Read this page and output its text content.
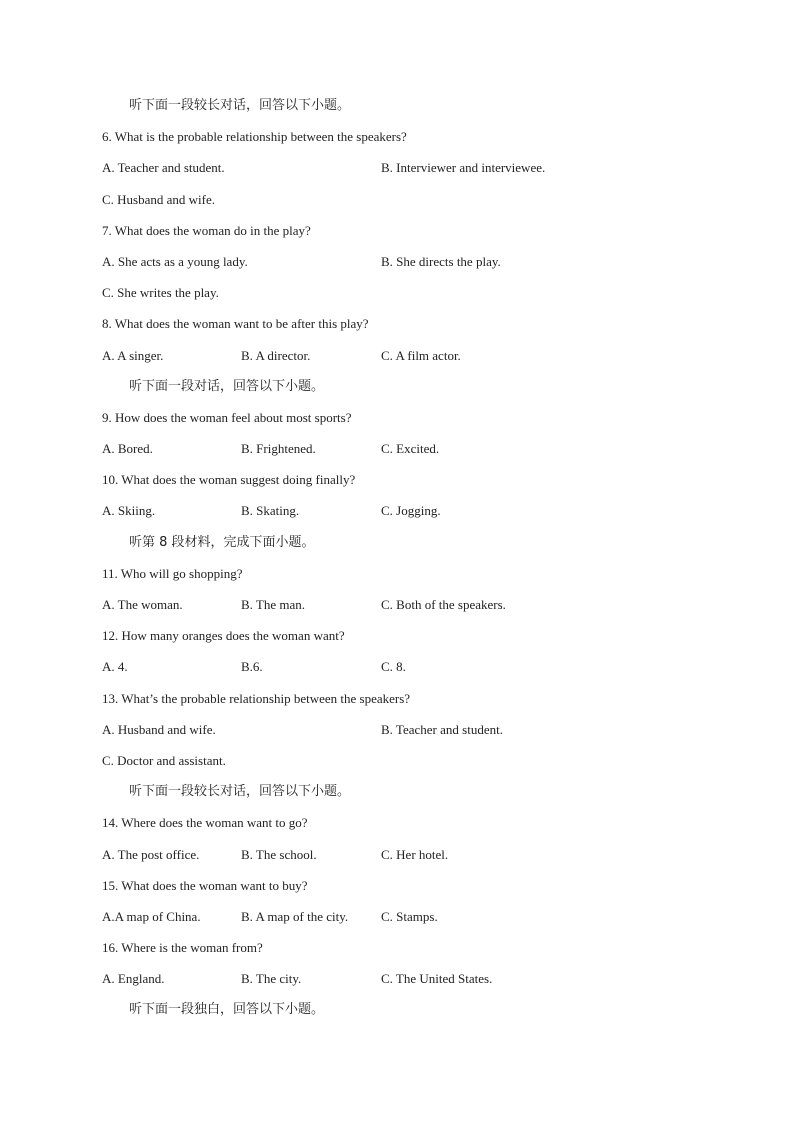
听下面一段较长对话，回答以下小题。
6. What is the probable relationship between the speakers?
A. Teacher and student.	B. Interviewer and interviewee.
C. Husband and wife.
7. What does the woman do in the play?
A. She acts as a young lady.	B. She directs the play.
C. She writes the play.
8. What does the woman want to be after this play?
A. A singer.	B. A director.	C. A film actor.
听下面一段对话，回答以下小题。
9. How does the woman feel about most sports?
A. Bored.	B. Frightened.	C. Excited.
10. What does the woman suggest doing finally?
A. Skiing.	B. Skating.	C. Jogging.
听第 8 段材料，完成下面小题。
11. Who will go shopping?
A. The woman.	B. The man.	C. Both of the speakers.
12. How many oranges does the woman want?
A. 4.	B.6.	C. 8.
13. What’s the probable relationship between the speakers?
A. Husband and wife.	B. Teacher and student.
C. Doctor and assistant.
听下面一段较长对话，回答以下小题。
14. Where does the woman want to go?
A. The post office.	B. The school.	C. Her hotel.
15. What does the woman want to buy?
A.A map of China.	B. A map of the city.	C. Stamps.
16. Where is the woman from?
A. England.	B. The city.	C. The United States.
听下面一段独白，回答以下小题。
